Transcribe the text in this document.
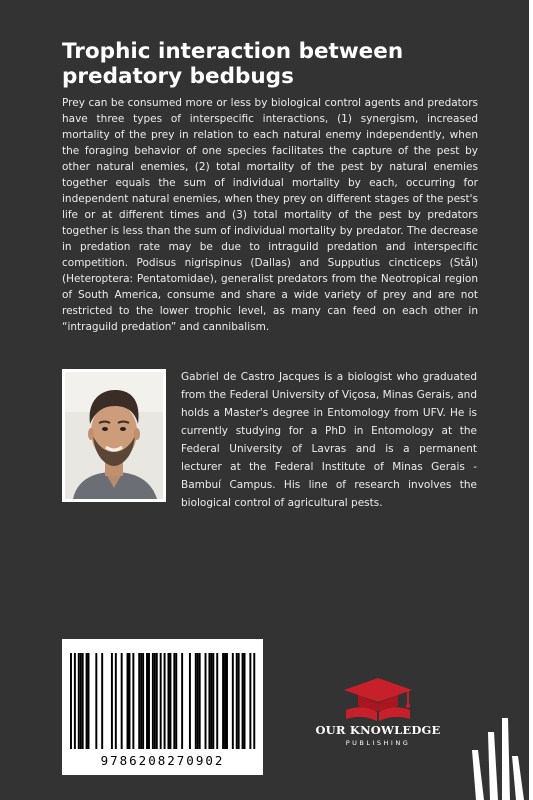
Trophic interaction between predatory bedbugs

Prey can be consumed more or less by biological control agents and predators have three types of interspecific interactions, (1) synergism, increased mortality of the prey in relation to each natural enemy independently, when the foraging behavior of one species facilitates the capture of the pest by other natural enemies, (2) total mortality of the pest by natural enemies together equals the sum of individual mortality by each, occurring for independent natural enemies, when they prey on different stages of the pest's life or at different times and (3) total mortality of the pest by predators together is less than the sum of individual mortality by predator. The decrease in predation rate may be due to intraguild predation and interspecific competition. Podisus nigrispinus (Dallas) and Supputius cincticeps (Stål) (Heteroptera: Pentatomidae), generalist predators from the Neotropical region of South America, consume and share a wide variety of prey and are not restricted to the lower trophic level, as many can feed on each other in “intraguild predation” and cannibalism.

Gabriel de Castro Jacques is a biologist who graduated from the Federal University of Viçosa, Minas Gerais, and holds a Master's degree in Entomology from UFV. He is currently studying for a PhD in Entomology at the Federal University of Lavras and is a permanent lecturer at the Federal Institute of Minas Gerais - Bambuí Campus. His line of research involves the biological control of agricultural pests.

9786208270902
OUR KNOWLEDGE
PUBLISHING
